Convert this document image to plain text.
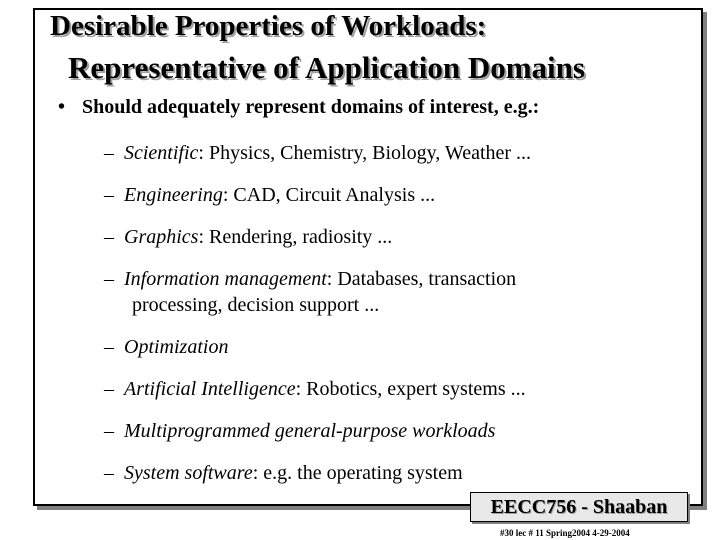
Desirable Properties of Workloads:
Representative of Application Domains
• Should adequately represent domains of interest, e.g.:
– Scientific: Physics, Chemistry, Biology, Weather ...
– Engineering: CAD, Circuit Analysis ...
– Graphics: Rendering, radiosity ...
– Information management: Databases, transaction
processing, decision support ...
– Optimization
– Artificial Intelligence: Robotics, expert systems ...
– Multiprogrammed general-purpose workloads
– System software: e.g. the operating system
EECC756 - Shaaban
#30 lec # 11 Spring2004 4-29-2004
